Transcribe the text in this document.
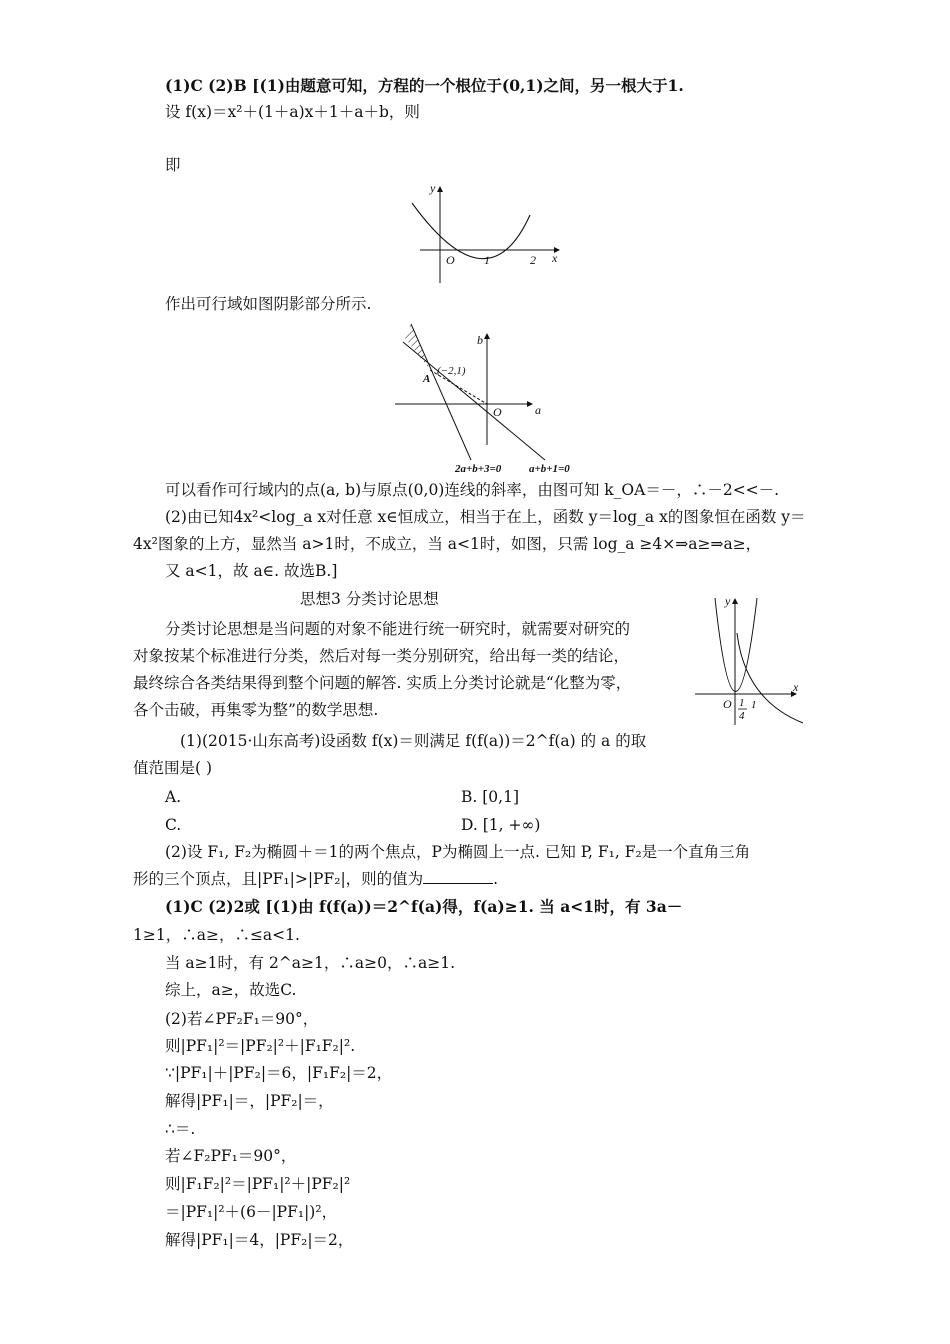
(1)C (2)B [(1)由题意可知，方程的一个根位于(0,1)之间，另一根大于1.
设 f(x)＝x²＋(1＋a)x＋1＋a＋b，则
即
作出可行域如图阴影部分所示.
可以看作可行域内的点(a, b)与原点(0,0)连线的斜率，由图可知 k_OA＝－，∴－2<<－.
(2)由已知4x²<log_a x对任意 x∈恒成立，相当于在上，函数 y＝log_a x的图象恒在函数 y＝
4x²图象的上方，显然当 a>1时，不成立，当 a<1时，如图，只需 log_a ≥4×⇒a≥⇒a≥，
又 a<1，故 a∈. 故选B.]
思想3 分类讨论思想
分类讨论思想是当问题的对象不能进行统一研究时，就需要对研究的
对象按某个标准进行分类，然后对每一类分别研究，给出每一类的结论，
最终综合各类结果得到整个问题的解答. 实质上分类讨论就是“化整为零，
各个击破，再集零为整”的数学思想.
(1)(2015·山东高考)设函数 f(x)＝则满足 f(f(a))＝2^f(a) 的 a 的取
值范围是( )
A.	B. [0,1]
C.	D. [1, +∞)
(2)设 F₁, F₂为椭圆＋＝1的两个焦点，P为椭圆上一点. 已知 P, F₁, F₂是一个直角三角
形的三个顶点，且|PF₁|>|PF₂|，则的值为	.
(1)C (2)2或 [(1)由 f(f(a))＝2^f(a)得，f(a)≥1. 当 a<1时，有 3a－
1≥1，∴a≥，∴≤a<1.
当 a≥1时，有 2^a≥1，∴a≥0，∴a≥1.
综上，a≥，故选C.
(2)若∠PF₂F₁＝90°，
则|PF₁|²＝|PF₂|²＋|F₁F₂|².
∵|PF₁|＋|PF₂|＝6，|F₁F₂|＝2，
解得|PF₁|＝，|PF₂|＝，
∴＝.
若∠F₂PF₁＝90°，
则|F₁F₂|²＝|PF₁|²＋|PF₂|²
＝|PF₁|²＋(6－|PF₁|)²，
解得|PF₁|＝4，|PF₂|＝2，
y
x
O 1	2
b
a
O
A
(−2,1)
2a+b+3=0	a+b+1=0
y
x
O 1
4
1
